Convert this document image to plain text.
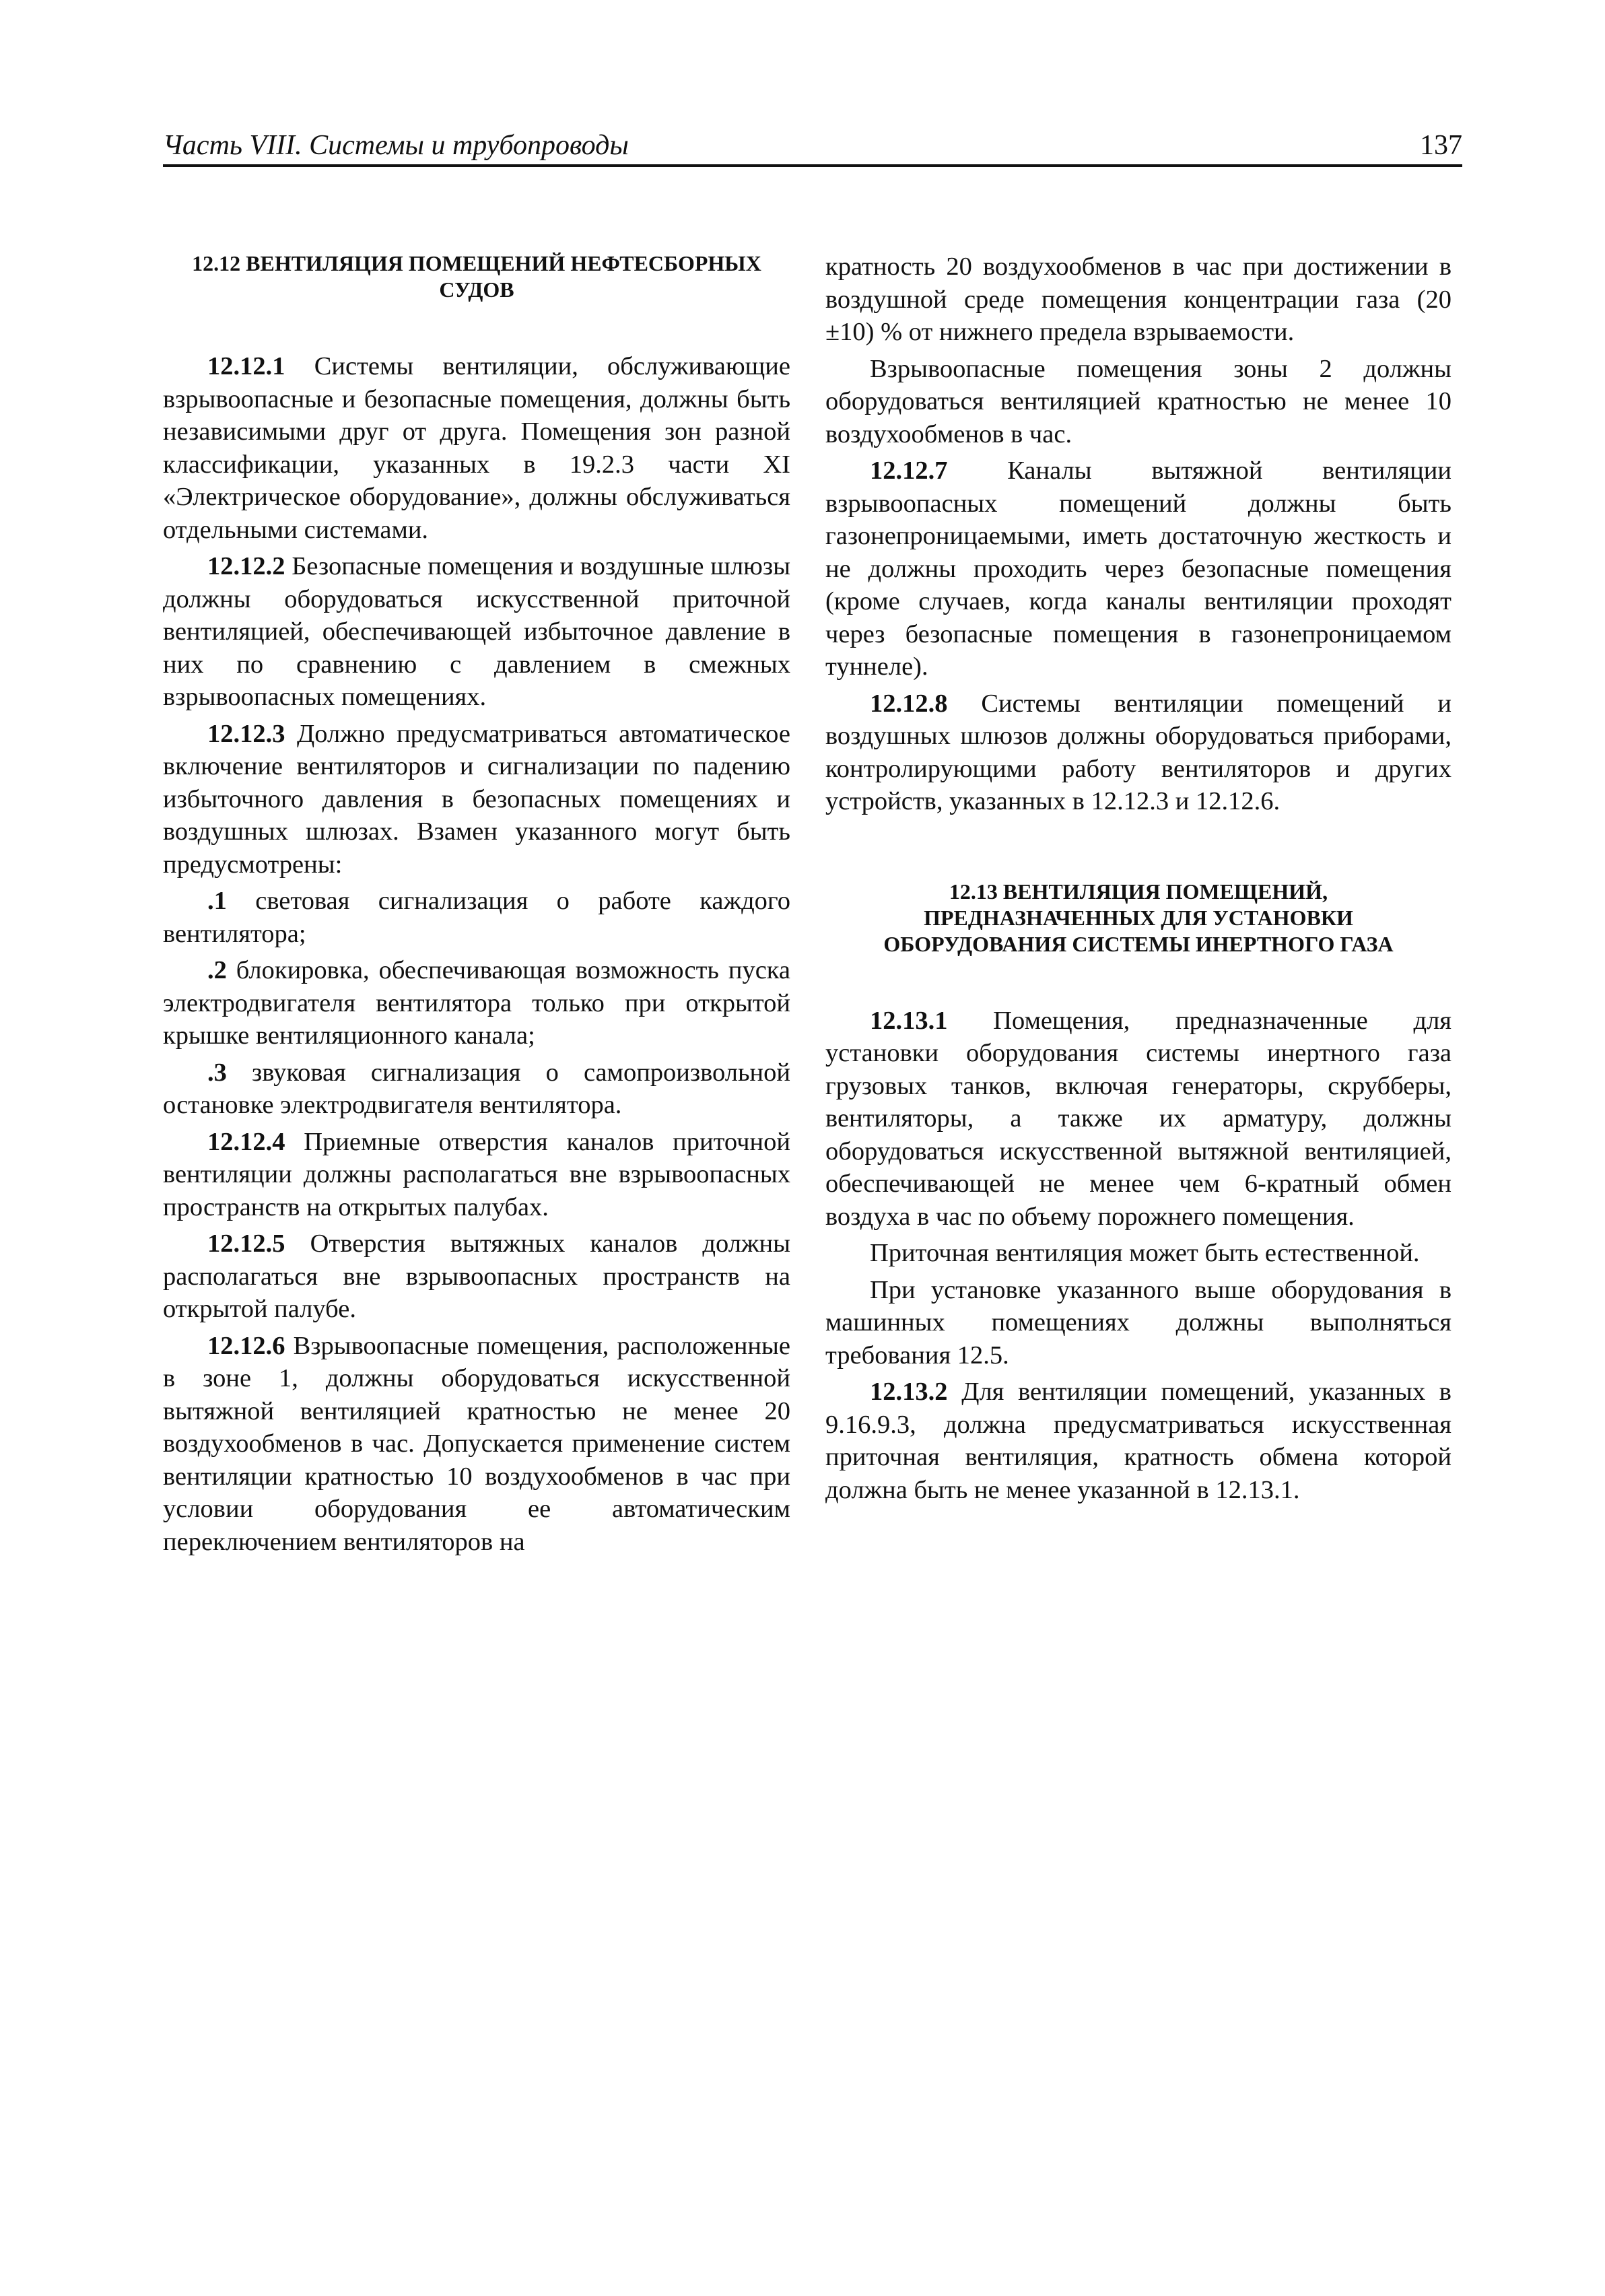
Часть VIII. Системы и трубопроводы	137
12.12 ВЕНТИЛЯЦИЯ ПОМЕЩЕНИЙ НЕФТЕСБОРНЫХ СУДОВ

12.12.1 Системы вентиляции, обслуживающие взрывоопасные и безопасные помещения, должны быть независимыми друг от друга. Помещения зон разной классификации, указанных в 19.2.3 части XI «Электрическое оборудование», должны обслуживаться отдельными системами.

12.12.2 Безопасные помещения и воздушные шлюзы должны оборудоваться искусственной приточной вентиляцией, обеспечивающей избыточное давление в них по сравнению с давлением в смежных взрывоопасных помещениях.

12.12.3 Должно предусматриваться автоматическое включение вентиляторов и сигнализации по падению избыточного давления в безопасных помещениях и воздушных шлюзах. Взамен указанного могут быть предусмотрены:

.1 световая сигнализация о работе каждого вентилятора;

.2 блокировка, обеспечивающая возможность пуска электродвигателя вентилятора только при открытой крышке вентиляционного канала;

.3 звуковая сигнализация о самопроизвольной остановке электродвигателя вентилятора.

12.12.4 Приемные отверстия каналов приточной вентиляции должны располагаться вне взрывоопасных пространств на открытых палубах.

12.12.5 Отверстия вытяжных каналов должны располагаться вне взрывоопасных пространств на открытой палубе.

12.12.6 Взрывоопасные помещения, расположенные в зоне 1, должны оборудоваться искусственной вытяжной вентиляцией кратностью не менее 20 воздухообменов в час. Допускается применение систем вентиляции кратностью 10 воздухообменов в час при условии оборудования ее автоматическим переключением вентиляторов на

кратность 20 воздухообменов в час при достижении в воздушной среде помещения концентрации газа (20 ±10) % от нижнего предела взрываемости.

Взрывоопасные помещения зоны 2 должны оборудоваться вентиляцией кратностью не менее 10 воздухообменов в час.

12.12.7 Каналы вытяжной вентиляции взрывоопасных помещений должны быть газонепроницаемыми, иметь достаточную жесткость и не должны проходить через безопасные помещения (кроме случаев, когда каналы вентиляции проходят через безопасные помещения в газонепроницаемом туннеле).

12.12.8 Системы вентиляции помещений и воздушных шлюзов должны оборудоваться приборами, контролирующими работу вентиляторов и других устройств, указанных в 12.12.3 и 12.12.6.

12.13 ВЕНТИЛЯЦИЯ ПОМЕЩЕНИЙ, ПРЕДНАЗНАЧЕННЫХ ДЛЯ УСТАНОВКИ ОБОРУДОВАНИЯ СИСТЕМЫ ИНЕРТНОГО ГАЗА

12.13.1 Помещения, предназначенные для установки оборудования системы инертного газа грузовых танков, включая генераторы, скрубберы, вентиляторы, а также их арматуру, должны оборудоваться искусственной вытяжной вентиляцией, обеспечивающей не менее чем 6-кратный обмен воздуха в час по объему порожнего помещения.

Приточная вентиляция может быть естественной.

При установке указанного выше оборудования в машинных помещениях должны выполняться требования 12.5.

12.13.2 Для вентиляции помещений, указанных в 9.16.9.3, должна предусматриваться искусственная приточная вентиляция, кратность обмена которой должна быть не менее указанной в 12.13.1.
